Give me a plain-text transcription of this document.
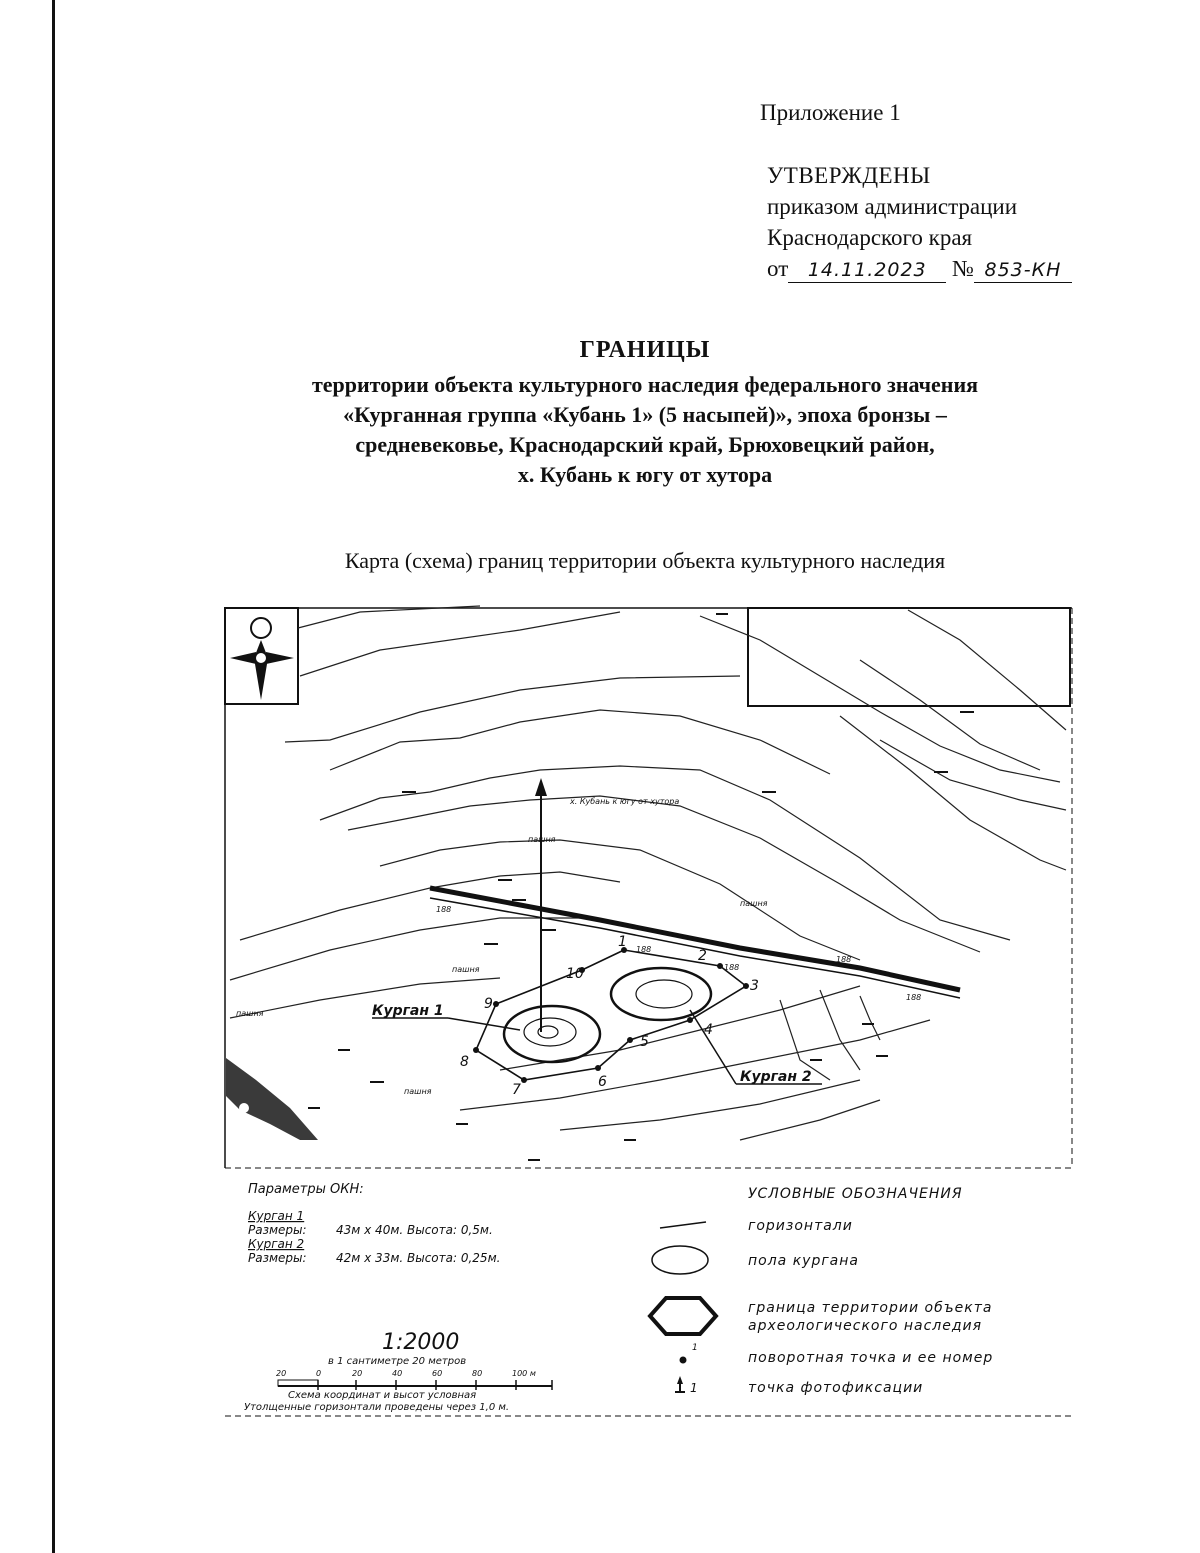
Приложение 1
УТВЕРЖДЕНЫ
приказом администрации
Краснодарского края
от 14.11.2023 № 853-КН
ГРАНИЦЫ
территории объекта культурного наследия федерального значения
«Курганная группа «Кубань 1» (5 насыпей)», эпоха бронзы –
средневековье, Краснодарский край, Брюховецкий район,
х. Кубань к югу от хутора
Карта (схема) границ территории объекта культурного наследия
1
2
3
4
5
6
7
8
9
10
Курган 1
Курган 2
х. Кубань к югу от хутора
пашня
пашня
пашня
пашня
пашня
188
188
188
188
188
Параметры ОКН:
Курган 1
Размеры: 43м х 40м. Высота: 0,5м.
Курган 2
Размеры: 42м х 33м. Высота: 0,25м.
1:2000
в 1 сантиметре 20 метров
20	0	20	40	60	80	100 м
Схема координат и высот условная
Утолщенные горизонтали проведены через 1,0 м.
УСЛОВНЫЕ ОБОЗНАЧЕНИЯ
горизонтали
пола кургана
граница территории объекта
археологического наследия
1
поворотная точка и ее номер
1	точка фотофиксации
